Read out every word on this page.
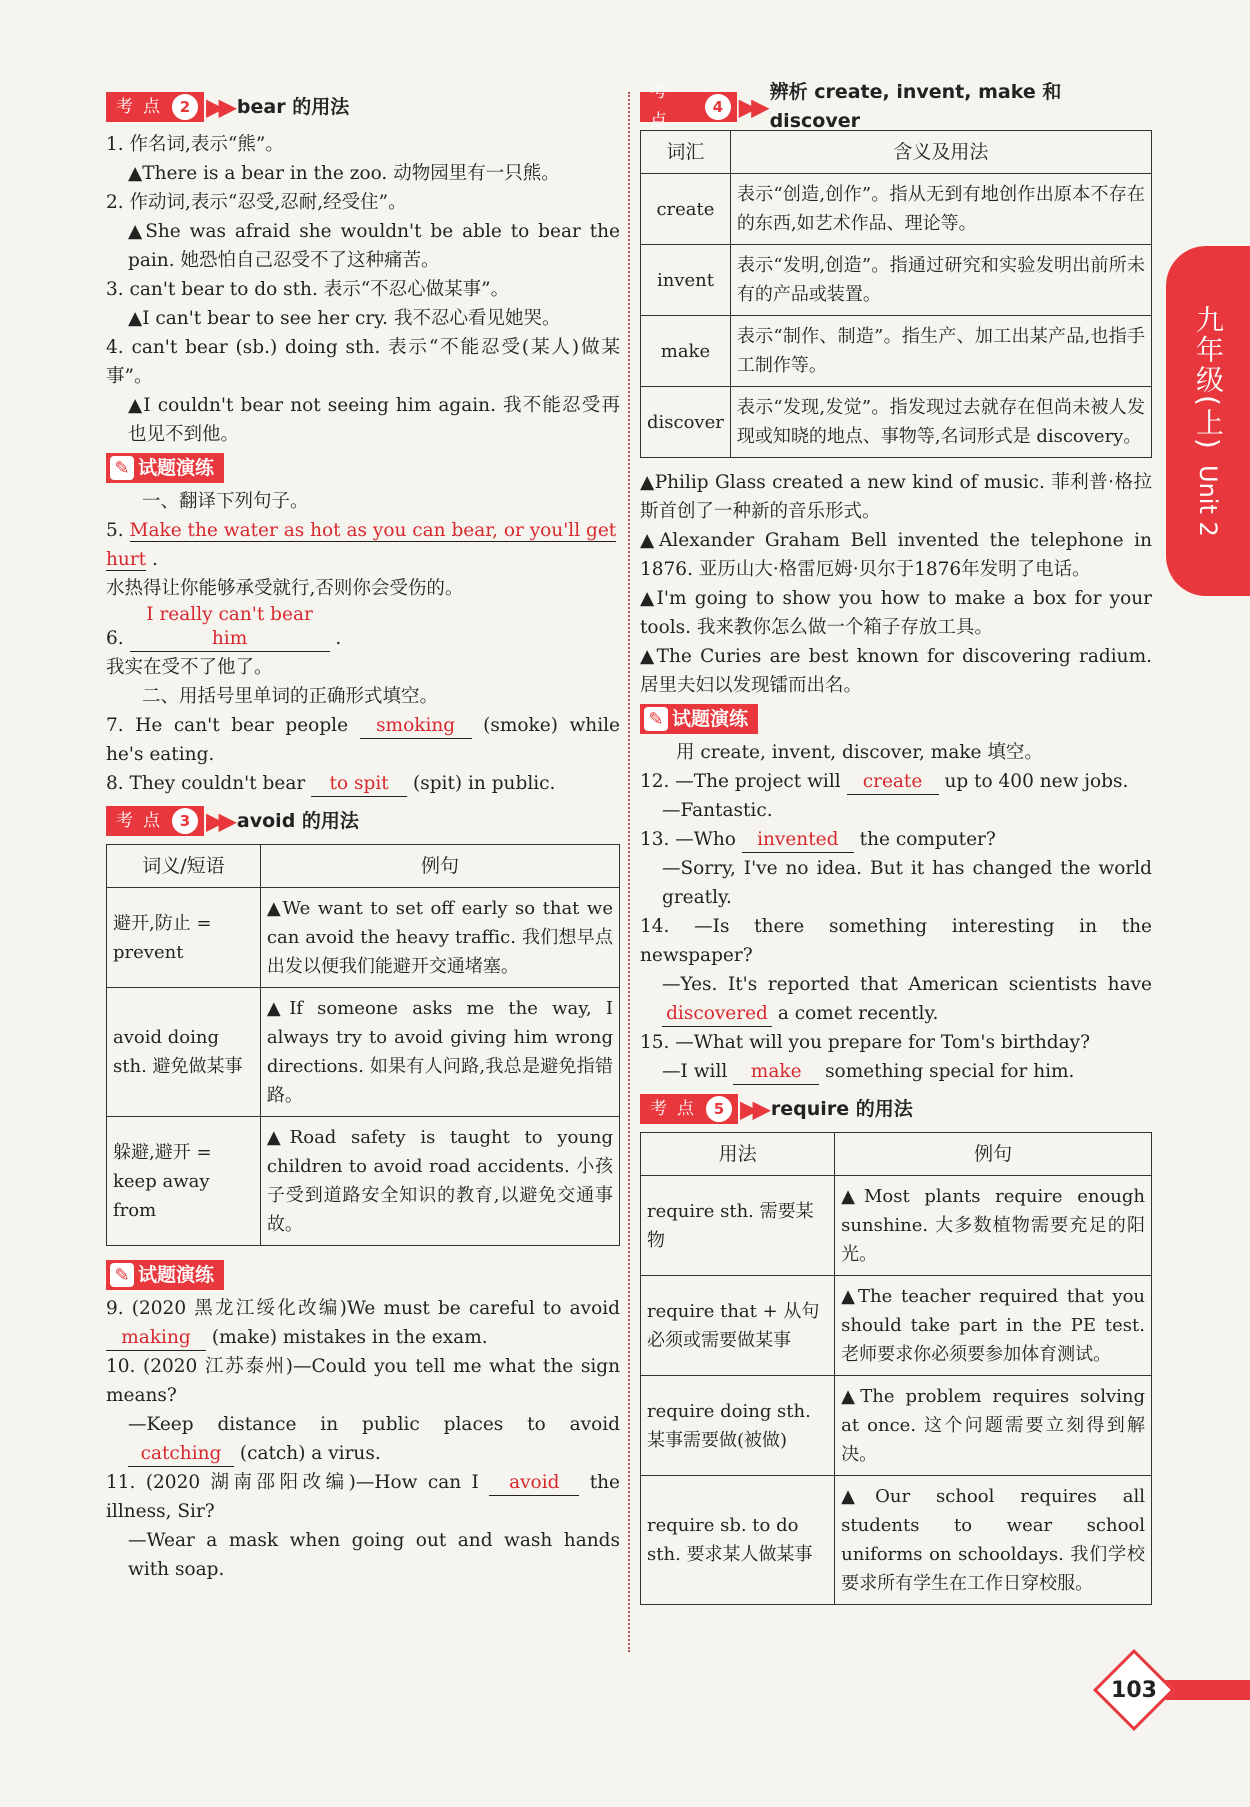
考点 2 ▶▶ bear 的用法

1. 作名词,表示“熊”。

▲There is a bear in the zoo. 动物园里有一只熊。

2. 作动词,表示“忍受,忍耐,经受住”。

▲She was afraid she wouldn't be able to bear the pain. 她恐怕自己忍受不了这种痛苦。

3. can't bear to do sth. 表示“不忍心做某事”。

▲I can't bear to see her cry. 我不忍心看见她哭。

4. can't bear (sb.) doing sth. 表示“不能忍受(某人)做某事”。

▲I couldn't bear not seeing him again. 我不能忍受再也见不到他。

✎ 试题演练

一、翻译下列句子。

5. Make the water as hot as you can bear, or you'll get hurt .

水热得让你能够承受就行,否则你会受伤的。

6. I really can't bear him	.

我实在受不了他了。

二、用括号里单词的正确形式填空。

7. He can't bear people smoking (smoke) while he's eating.

8. They couldn't bear to spit (spit) in public.

考点 3 ▶▶ avoid 的用法
词义/短语	例句
避开,防止 = prevent	▲We want to set off early so that we can avoid the heavy traffic. 我们想早点出发以便我们能避开交通堵塞。
avoid doing sth. 避免做某事	▲If someone asks me the way, I always try to avoid giving him wrong directions. 如果有人问路,我总是避免指错路。
躲避,避开 = keep away from	▲Road safety is taught to young children to avoid road accidents. 小孩子受到道路安全知识的教育,以避免交通事故。
✎ 试题演练

9. (2020 黑龙江绥化改编)We must be careful to avoid making (make) mistakes in the exam.

10. (2020 江苏泰州)—Could you tell me what the sign means?

—Keep distance in public places to avoid catching (catch) a virus.

11. (2020 湖南邵阳改编)—How can I avoid the illness, Sir?

—Wear a mask when going out and wash hands with soap.

考点
4 ▶▶
辨析 create, invent, make 和 discover
词汇	含义及用法
create	表示“创造,创作”。指从无到有地创作出原本不存在的东西,如艺术作品、理论等。
invent	表示“发明,创造”。指通过研究和实验发明出前所未有的产品或装置。
make	表示“制作、制造”。指生产、加工出某产品,也指手工制作等。
discover	表示“发现,发觉”。指发现过去就存在但尚未被人发现或知晓的地点、事物等,名词形式是 discovery。

▲Philip Glass created a new kind of music. 菲利普·格拉斯首创了一种新的音乐形式。

▲Alexander Graham Bell invented the telephone in 1876. 亚历山大·格雷厄姆·贝尔于1876年发明了电话。

▲I'm going to show you how to make a box for your tools. 我来教你怎么做一个箱子存放工具。

▲The Curies are best known for discovering radium. 居里夫妇以发现镭而出名。

✎ 试题演练

用 create, invent, discover, make 填空。

12. —The project will create up to 400 new jobs.

—Fantastic.

13. —Who invented the computer?

—Sorry, I've no idea. But it has changed the world greatly.

14. —Is there something interesting in the newspaper?

—Yes. It's reported that American scientists have discovered a comet recently.

15. —What will you prepare for Tom's birthday?

—I will make something special for him.

考点 5 ▶▶ require 的用法
用法	例句
require sth. 需要某物	▲Most plants require enough sunshine. 大多数植物需要充足的阳光。
require that + 从句 必须或需要做某事	▲The teacher required that you should take part in the PE test. 老师要求你必须要参加体育测试。
require doing sth. 某事需要做(被做)	▲The problem requires solving at once. 这个问题需要立刻得到解决。
require sb. to do sth. 要求某人做某事	▲Our school requires all students to wear school uniforms on schooldays. 我们学校要求所有学生在工作日穿校服。
九年级(上)
Unit 2
103
